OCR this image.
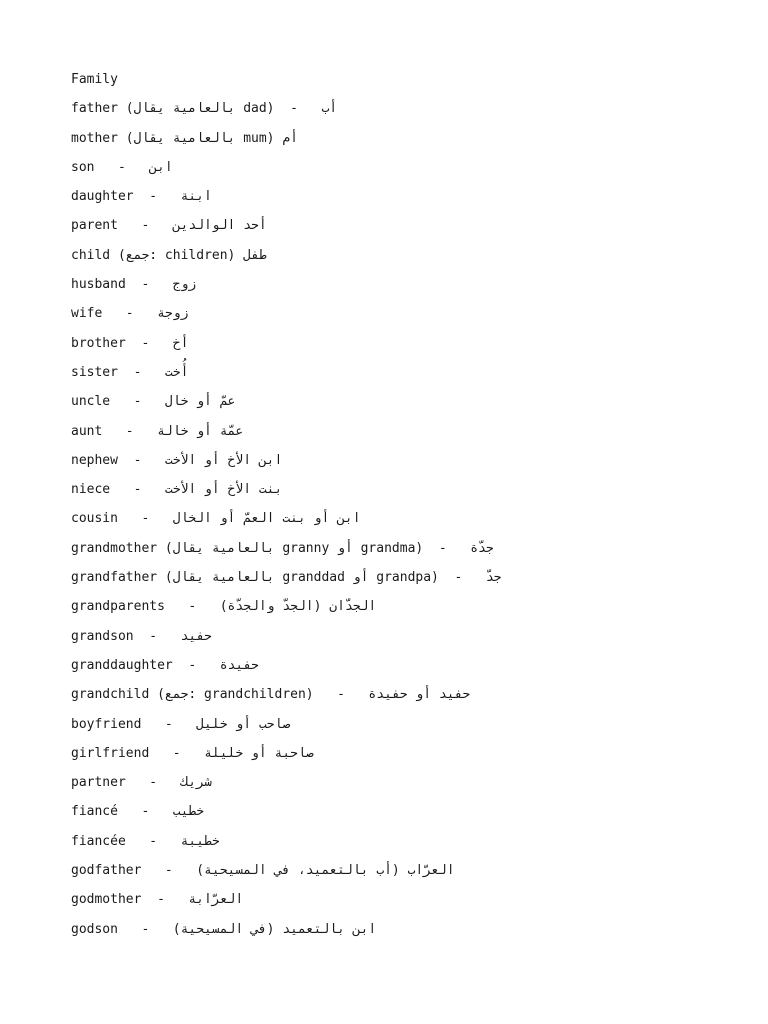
Family
father (بالعامية يقال dad)  -   أب
mother (بالعامية يقال mum) أم
son   -   ابن
daughter  -   ابنة
parent   -   أحد الوالدين
child (جمع: children) طفل
husband  -   زوج
wife   -   زوجة
brother  -   أخ
sister  -   أُخت
uncle   -   عمّ أو خال
aunt   -   عمّة أو خالة
nephew  -   ابن الأخ أو الأخت
niece   -   بنت الأخ أو الأخت
cousin   -   ابن أو بنت العمّ أو الخال
grandmother (بالعامية يقال granny أو grandma)  -   جدّة
grandfather (بالعامية يقال granddad أو grandpa)  -   جدّ
grandparents   -   الجدّان (الجدّ والجدّة)
grandson  -   حفيد
granddaughter  -   حفيدة
grandchild (جمع: grandchildren)   -   حفيد أو حفيدة
boyfriend   -   صاحب أو خليل
girlfriend   -   صاحبة أو خليلة
partner   -   شريك
fiancé   -   خطيب
fiancée   -   خطيبة
godfather   -   العرّاب (أب بالتعميد، في المسيحية)
godmother  -   العرّابة
godson   -   ابن بالتعميد (في المسيحية)
